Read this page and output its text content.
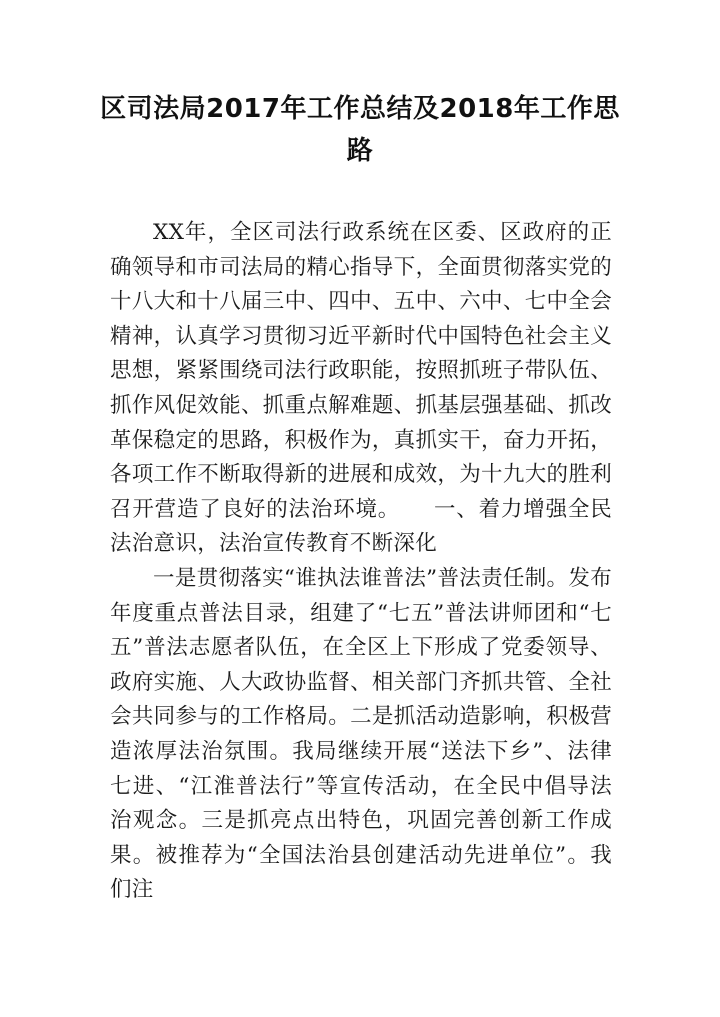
区司法局2017年工作总结及2018年工作思路

XX年，全区司法行政系统在区委、区政府的正确领导和市司法局的精心指导下，全面贯彻落实党的十八大和十八届三中、四中、五中、六中、七中全会精神，认真学习贯彻习近平新时代中国特色社会主义思想，紧紧围绕司法行政职能，按照抓班子带队伍、抓作风促效能、抓重点解难题、抓基层强基础、抓改革保稳定的思路，积极作为，真抓实干，奋力开拓，各项工作不断取得新的进展和成效，为十九大的胜利召开营造了良好的法治环境。　　一、着力增强全民法治意识，法治宣传教育不断深化

一是贯彻落实“谁执法谁普法”普法责任制。发布年度重点普法目录，组建了“七五”普法讲师团和“七五”普法志愿者队伍，在全区上下形成了党委领导、政府实施、人大政协监督、相关部门齐抓共管、全社会共同参与的工作格局。二是抓活动造影响，积极营造浓厚法治氛围。我局继续开展“送法下乡”、法律七进、“江淮普法行”等宣传活动，在全民中倡导法治观念。三是抓亮点出特色，巩固完善创新工作成果。被推荐为“全国法治县创建活动先进单位”。我们注
